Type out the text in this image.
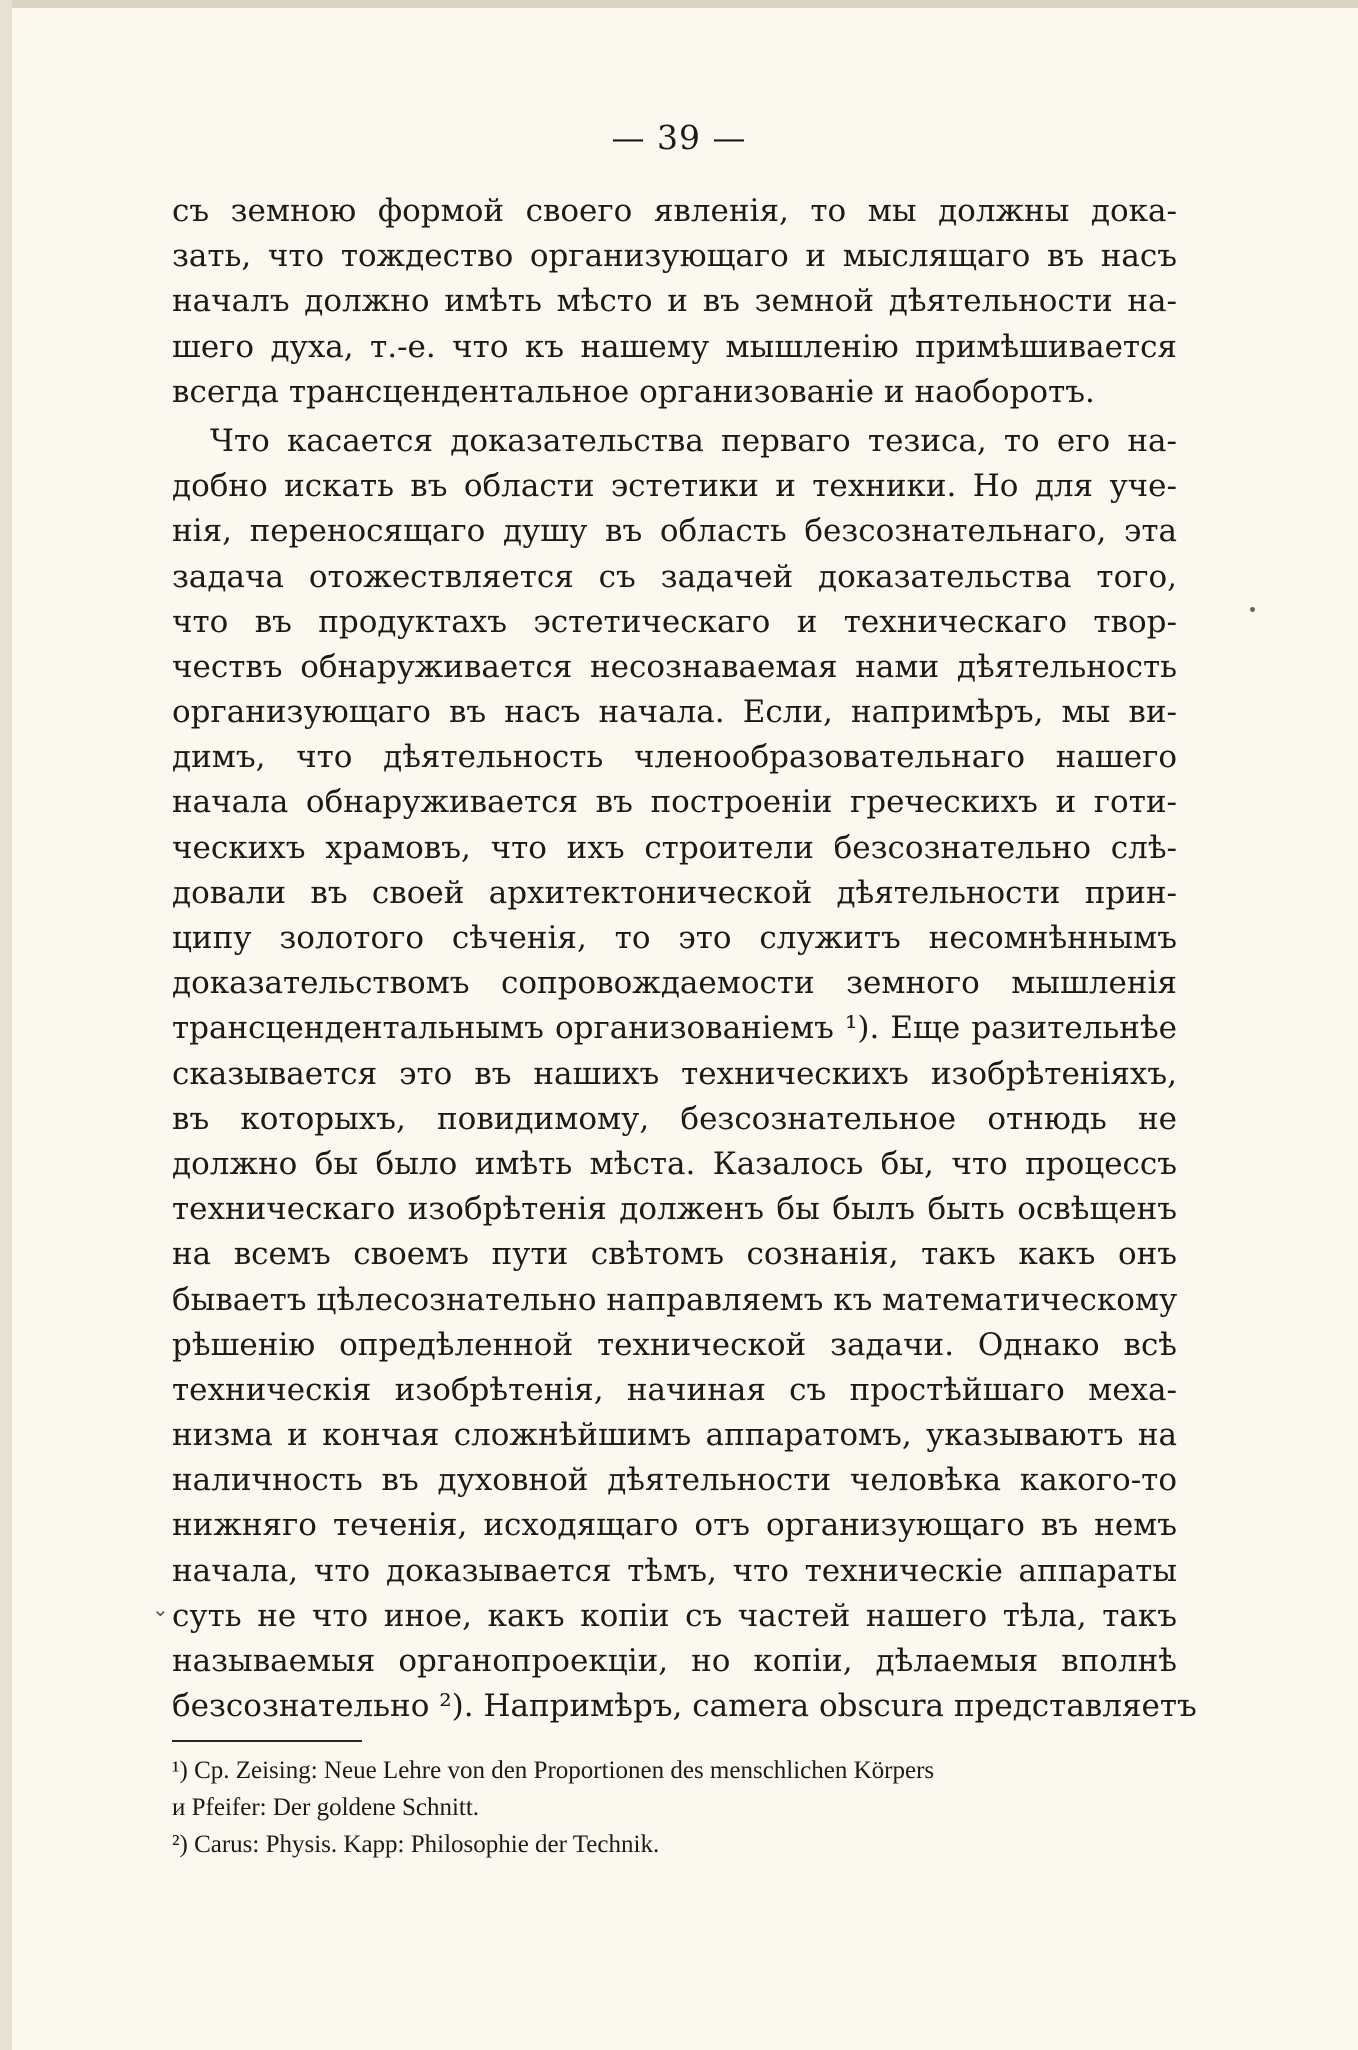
— 39 —
съ земною формой своего явленія, то мы должны дока-
зать, что тождество организующаго и мыслящаго въ насъ
началъ должно имѣть мѣсто и въ земной дѣятельности на-
шего духа, т.-е. что къ нашему мышленію примѣшивается
всегда трансцендентальное организованіе и наоборотъ.
Что касается доказательства перваго тезиса, то его на-
добно искать въ области эстетики и техники. Но для уче-
нія, переносящаго душу въ область безсознательнаго, эта
задача отожествляется съ задачей доказательства того,
что въ продуктахъ эстетическаго и техническаго твор-
чествъ обнаруживается несознаваемая нами дѣятельность
организующаго въ насъ начала. Если, напримѣръ, мы ви-
димъ, что дѣятельность членообразовательнаго нашего
начала обнаруживается въ построеніи греческихъ и готи-
ческихъ храмовъ, что ихъ строители безсознательно слѣ-
довали въ своей архитектонической дѣятельности прин-
ципу золотого сѣченія, то это служитъ несомнѣннымъ
доказательствомъ сопровождаемости земного мышленія
трансцендентальнымъ организованіемъ ¹). Еще разительнѣе
сказывается это въ нашихъ техническихъ изобрѣтеніяхъ,
въ которыхъ, повидимому, безсознательное отнюдь не
должно бы было имѣть мѣста. Казалось бы, что процессъ
техническаго изобрѣтенія долженъ бы былъ быть освѣщенъ
на всемъ своемъ пути свѣтомъ сознанія, такъ какъ онъ
бываетъ цѣлесознательно направляемъ къ математическому
рѣшенію опредѣленной технической задачи. Однако всѣ
техническія изобрѣтенія, начиная съ простѣйшаго меха-
низма и кончая сложнѣйшимъ аппаратомъ, указываютъ на
наличность въ духовной дѣятельности человѣка какого-то
нижняго теченія, исходящаго отъ организующаго въ немъ
начала, что доказывается тѣмъ, что техническіе аппараты
суть не что иное, какъ копіи съ частей нашего тѣла, такъ
называемыя органопроекціи, но копіи, дѣлаемыя вполнѣ
безсознательно ²). Напримѣръ, camera obscura представляетъ
⌄
¹) Cp. Zeising: Neue Lehre von den Proportionen des menschlichen Körpers
и Pfeifer: Der goldene Schnitt.
²) Carus: Physis. Kapp: Philosophie der Technik.
